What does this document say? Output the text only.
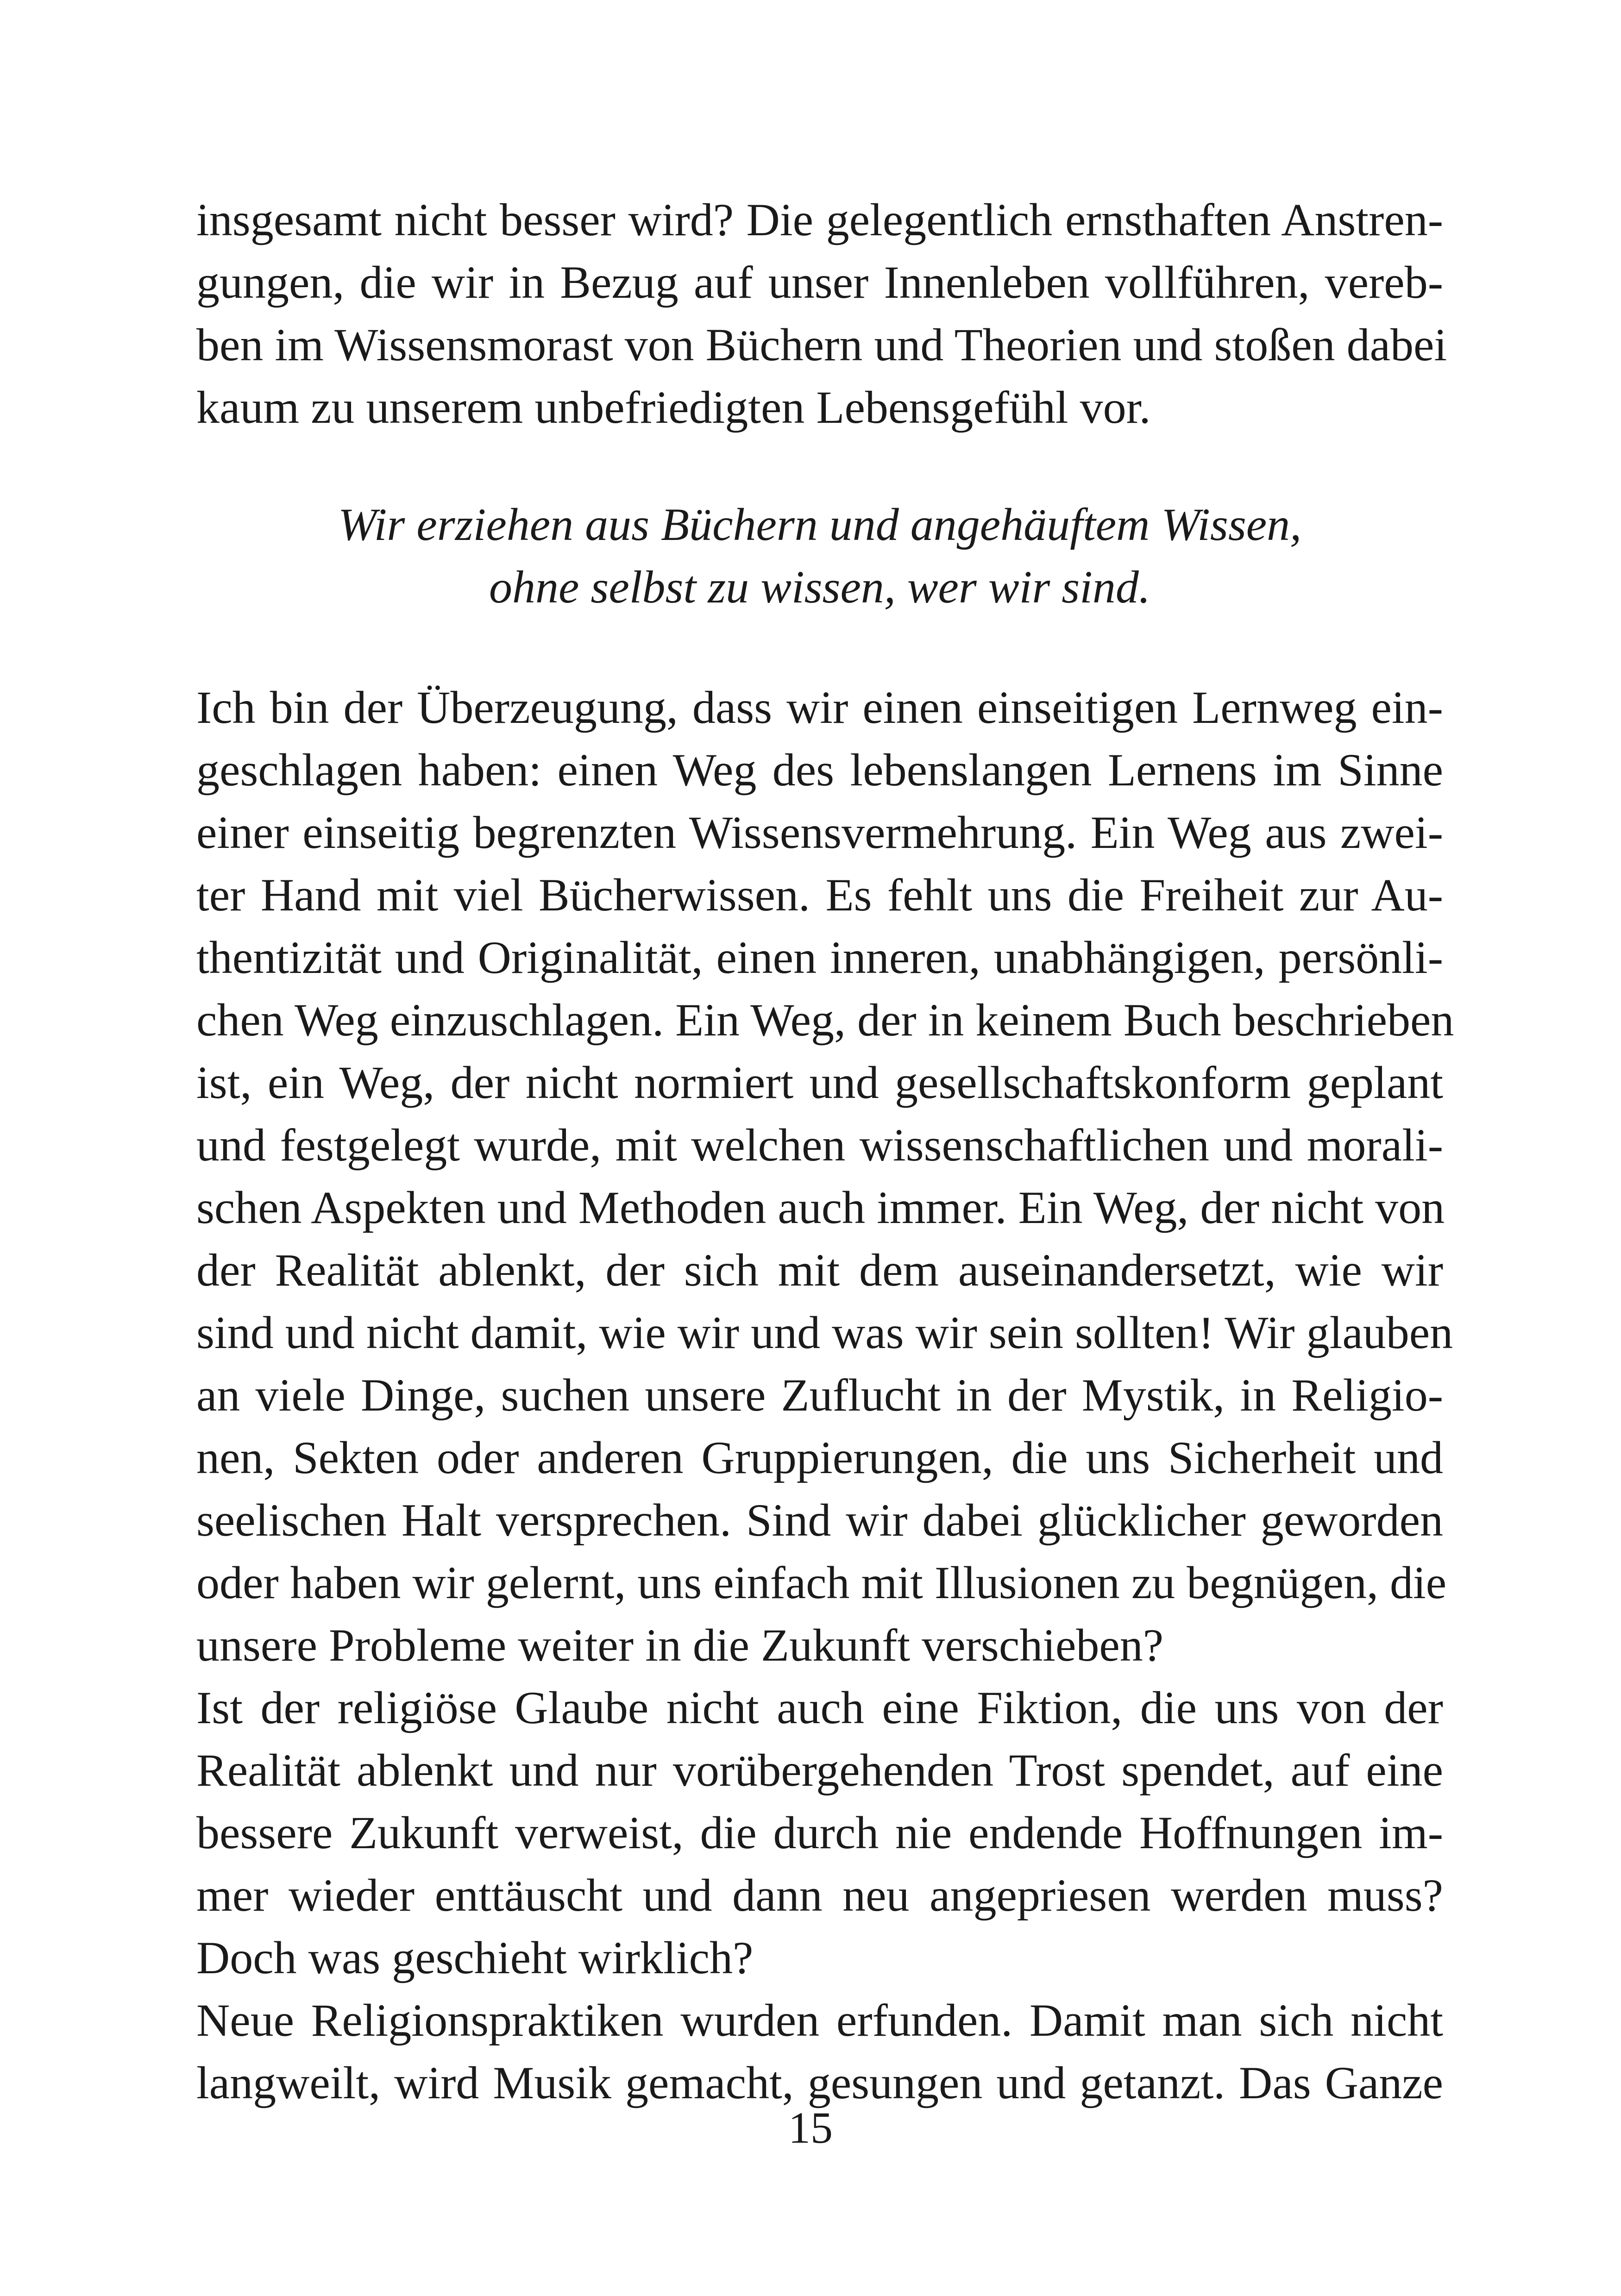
insgesamt nicht besser wird? Die gelegentlich ernsthaften Anstren-
gungen, die wir in Bezug auf unser Innenleben vollführen, vereb-
ben im Wissensmorast von Büchern und Theorien und stoßen dabei
kaum zu unserem unbefriedigten Lebensgefühl vor.
Wir erziehen aus Büchern und angehäuftem Wissen,
ohne selbst zu wissen, wer wir sind.
Ich bin der Überzeugung, dass wir einen einseitigen Lernweg ein-
geschlagen haben: einen Weg des lebenslangen Lernens im Sinne
einer einseitig begrenzten Wissensvermehrung. Ein Weg aus zwei-
ter Hand mit viel Bücherwissen. Es fehlt uns die Freiheit zur Au-
thentizität und Originalität, einen inneren, unabhängigen, persönli-
chen Weg einzuschlagen. Ein Weg, der in keinem Buch beschrieben
ist, ein Weg, der nicht normiert und gesellschaftskonform geplant
und festgelegt wurde, mit welchen wissenschaftlichen und morali-
schen Aspekten und Methoden auch immer. Ein Weg, der nicht von
der Realität ablenkt, der sich mit dem auseinandersetzt, wie wir
sind und nicht damit, wie wir und was wir sein sollten! Wir glauben
an viele Dinge, suchen unsere Zuflucht in der Mystik, in Religio-
nen, Sekten oder anderen Gruppierungen, die uns Sicherheit und
seelischen Halt versprechen. Sind wir dabei glücklicher geworden
oder haben wir gelernt, uns einfach mit Illusionen zu begnügen, die
unsere Probleme weiter in die Zukunft verschieben?
Ist der religiöse Glaube nicht auch eine Fiktion, die uns von der
Realität ablenkt und nur vorübergehenden Trost spendet, auf eine
bessere Zukunft verweist, die durch nie endende Hoffnungen im-
mer wieder enttäuscht und dann neu angepriesen werden muss?
Doch was geschieht wirklich?
Neue Religionspraktiken wurden erfunden. Damit man sich nicht
langweilt, wird Musik gemacht, gesungen und getanzt. Das Ganze
15
